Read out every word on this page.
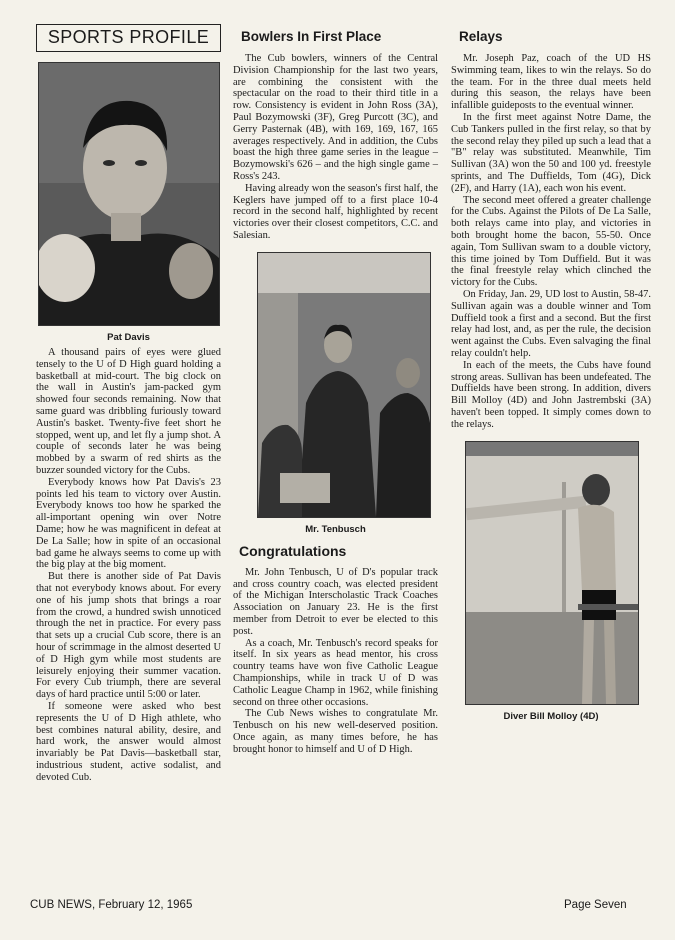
SPORTS PROFILE
Pat Davis

A thousand pairs of eyes were glued tensely to the U of D High guard holding a basketball at mid-court. The big clock on the wall in Austin's jam-packed gym showed four seconds remaining. Now that same guard was dribbling furiously toward Austin's basket. Twenty-five feet short he stopped, went up, and let fly a jump shot. A couple of seconds later he was being mobbed by a swarm of red shirts as the buzzer sounded victory for the Cubs.

Everybody knows how Pat Davis's 23 points led his team to victory over Austin. Everybody knows too how he sparked the all-important opening win over Notre Dame; how he was magnificent in defeat at De La Salle; how in spite of an occasional bad game he always seems to come up with the big play at the big moment.

But there is another side of Pat Davis that not everybody knows about. For every one of his jump shots that brings a roar from the crowd, a hundred swish unnoticed through the net in practice. For every pass that sets up a crucial Cub score, there is an hour of scrimmage in the almost deserted U of D High gym while most students are leisurely enjoying their summer vacation. For every Cub triumph, there are several days of hard practice until 5:00 or later.

If someone were asked who best represents the U of D High athlete, who best combines natural ability, desire, and hard work, the answer would almost invariably be Pat Davis—basketball star, industrious student, active sodalist, and devoted Cub.

Bowlers In First Place

The Cub bowlers, winners of the Central Division Championship for the last two years, are combining the consistent with the spectacular on the road to their third title in a row. Consistency is evident in John Ross (3A), Paul Bozymowski (3F), Greg Purcott (3C), and Gerry Pasternak (4B), with 169, 169, 167, 165 averages respectively. And in addition, the Cubs boast the high three game series in the league – Bozymowski's 626 – and the high single game – Ross's 243.

Having already won the season's first half, the Keglers have jumped off to a first place 10-4 record in the second half, highlighted by recent victories over their closest competitors, C.C. and Salesian.

Mr. Tenbusch
Congratulations

Mr. John Tenbusch, U of D's popular track and cross country coach, was elected president of the Michigan Interscholastic Track Coaches Association on January 23. He is the first member from Detroit to ever be elected to this post.

As a coach, Mr. Tenbusch's record speaks for itself. In six years as head mentor, his cross country teams have won five Catholic League Championships, while in track U of D was Catholic League Champ in 1962, while finishing second on three other occasions.

The Cub News wishes to congratulate Mr. Tenbusch on his new well-deserved position. Once again, as many times before, he has brought honor to himself and U of D High.

Relays

Mr. Joseph Paz, coach of the UD HS Swimming team, likes to win the relays. So do the team. For in the three dual meets held during this season, the relays have been infallible guideposts to the eventual winner.

In the first meet against Notre Dame, the Cub Tankers pulled in the first relay, so that by the second relay they piled up such a lead that a "B" relay was substituted. Meanwhile, Tim Sullivan (3A) won the 50 and 100 yd. freestyle sprints, and The Duffields, Tom (4G), Dick (2F), and Harry (1A), each won his event.

The second meet offered a greater challenge for the Cubs. Against the Pilots of De La Salle, both relays came into play, and victories in both brought home the bacon, 55-50. Once again, Tom Sullivan swam to a double victory, this time joined by Tom Duffield. But it was the final freestyle relay which clinched the victory for the Cubs.

On Friday, Jan. 29, UD lost to Austin, 58-47. Sullivan again was a double winner and Tom Duffield took a first and a second. But the first relay had lost, and, as per the rule, the decision went against the Cubs. Even salvaging the final relay couldn't help.

In each of the meets, the Cubs have found strong areas. Sullivan has been undefeated. The Duffields have been strong. In addition, divers Bill Molloy (4D) and John Jastrembski (3A) haven't been topped. It simply comes down to the relays.

Diver Bill Molloy (4D)
CUB NEWS, February 12, 1965	Page Seven
